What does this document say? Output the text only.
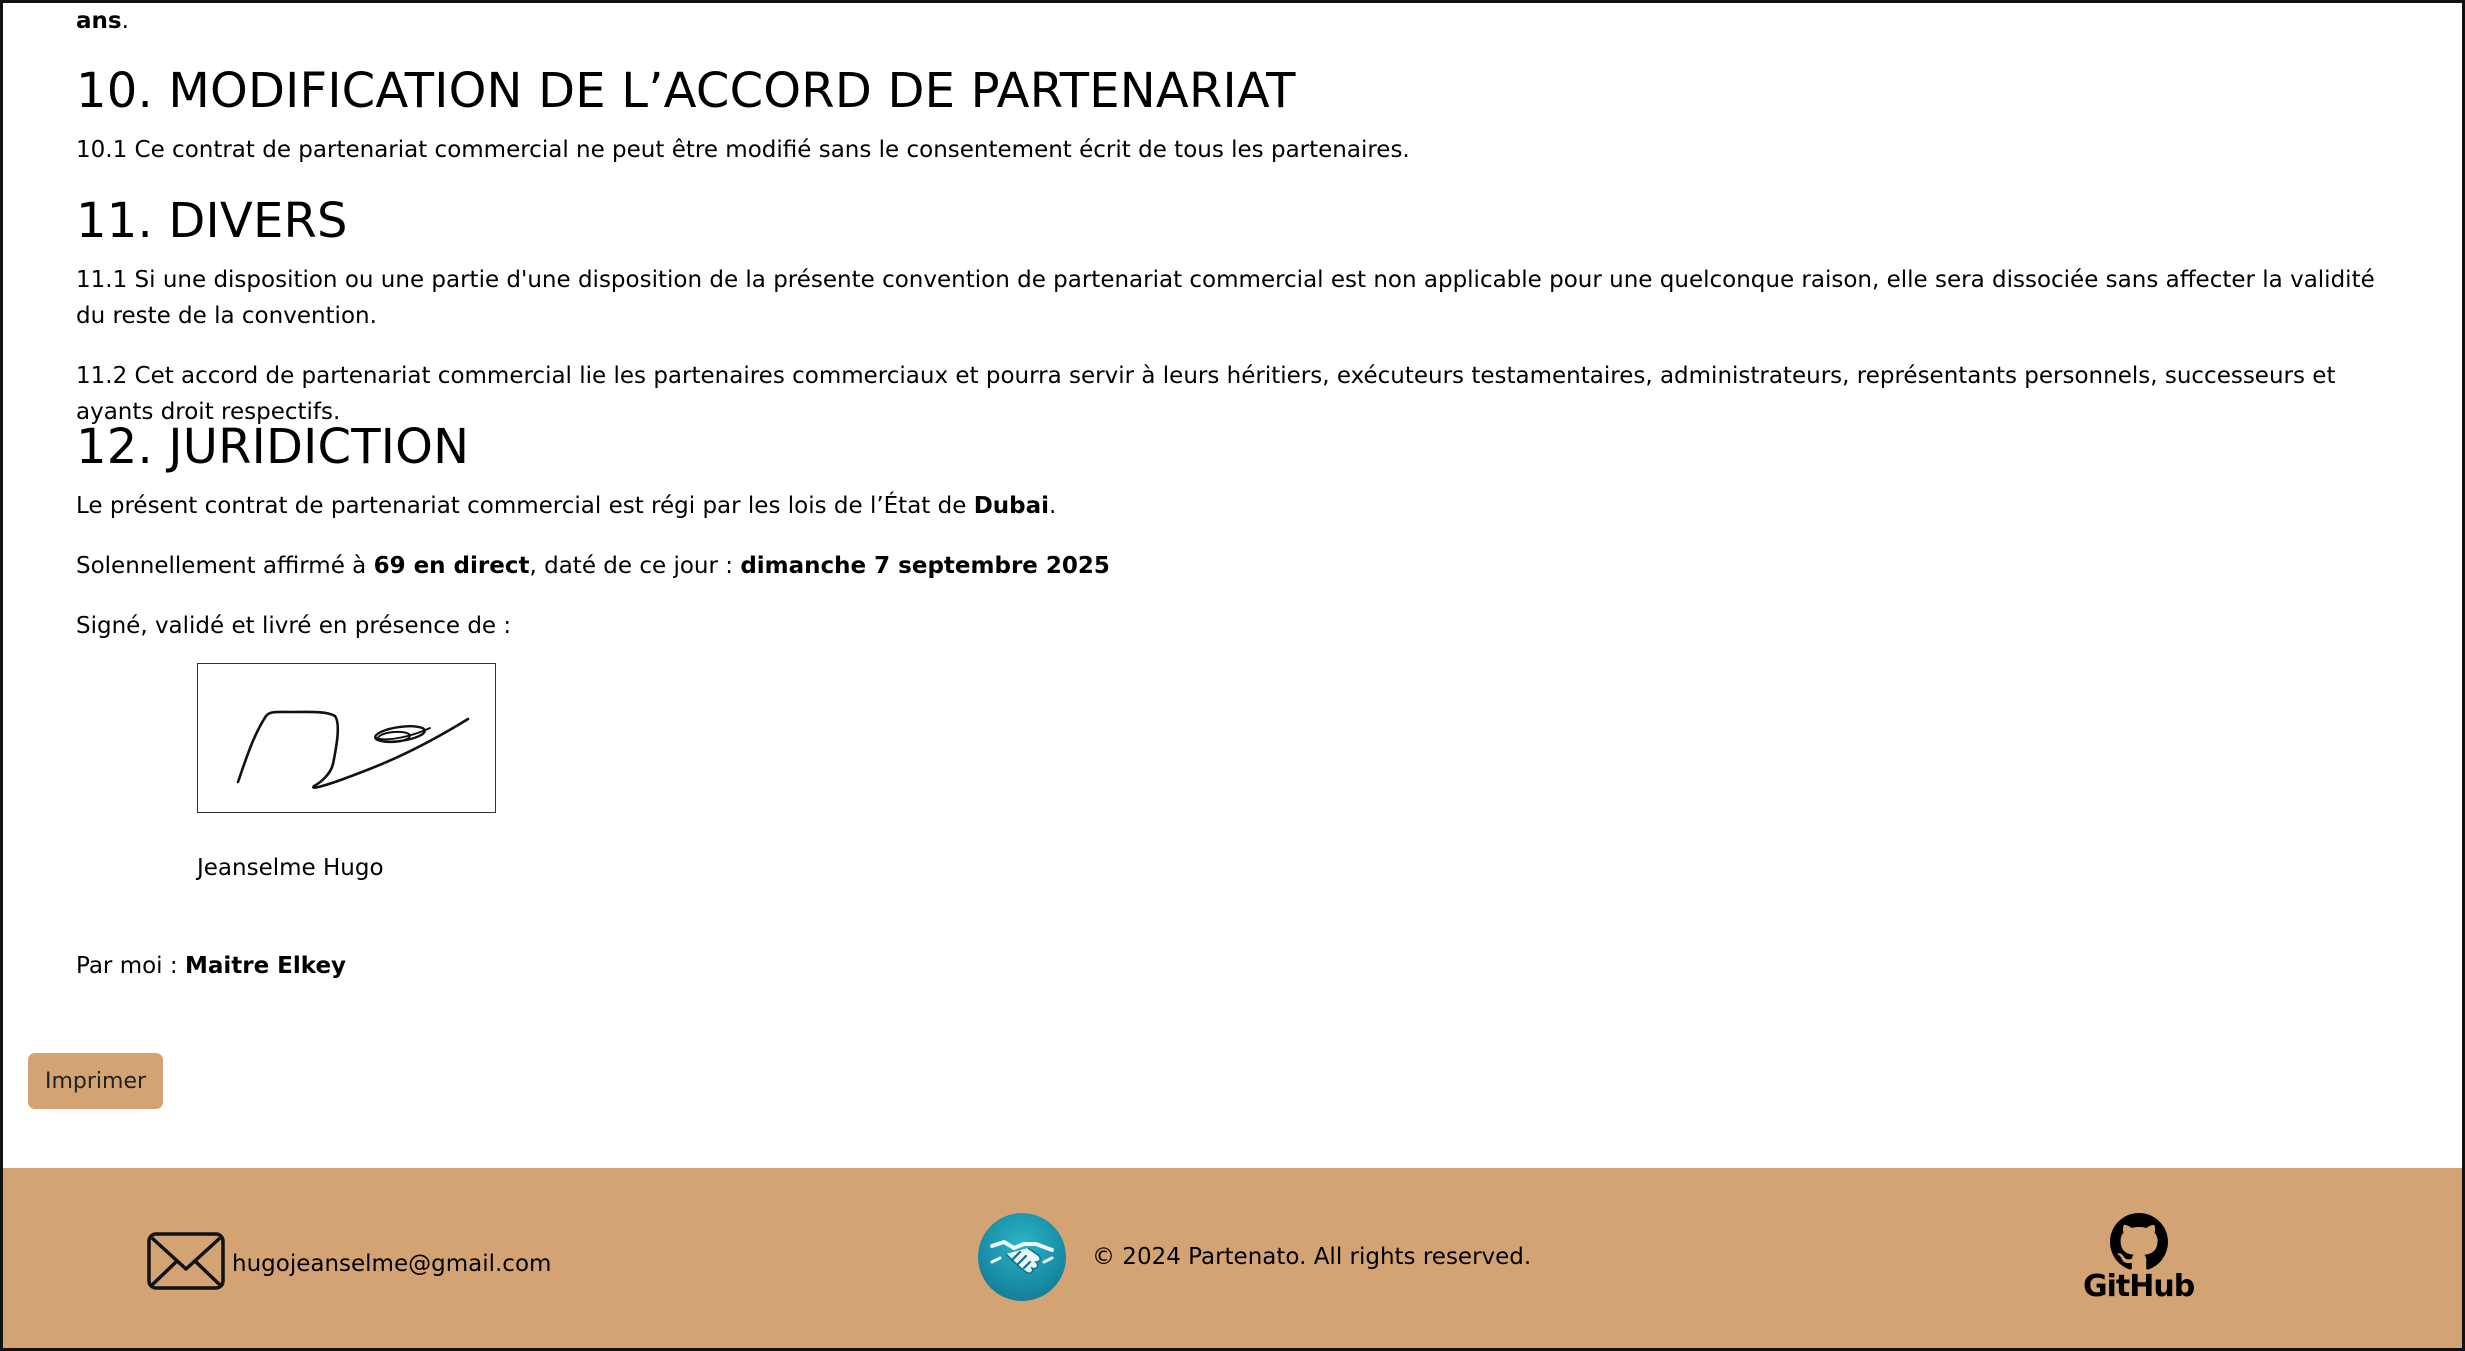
ans.
10. MODIFICATION DE L’ACCORD DE PARTENARIAT

10.1 Ce contrat de partenariat commercial ne peut être modifié sans le consentement écrit de tous les partenaires.

11. DIVERS

11.1 Si une disposition ou une partie d'une disposition de la présente convention de partenariat commercial est non applicable pour une quelconque raison, elle sera dissociée sans affecter la validité du reste de la convention.

11.2 Cet accord de partenariat commercial lie les partenaires commerciaux et pourra servir à leurs héritiers, exécuteurs testamentaires, administrateurs, représentants personnels, successeurs et ayants droit respectifs.

12. JURIDICTION

Le présent contrat de partenariat commercial est régi par les lois de l’État de Dubai.

Solennellement affirmé à 69 en direct, daté de ce jour : dimanche 7 septembre 2025

Signé, validé et livré en présence de :

Jeanselme Hugo

Par moi : Maitre Elkey

Imprimer
hugojeanselme@gmail.com	© 2024 Partenato. All rights reserved.
GitHub
